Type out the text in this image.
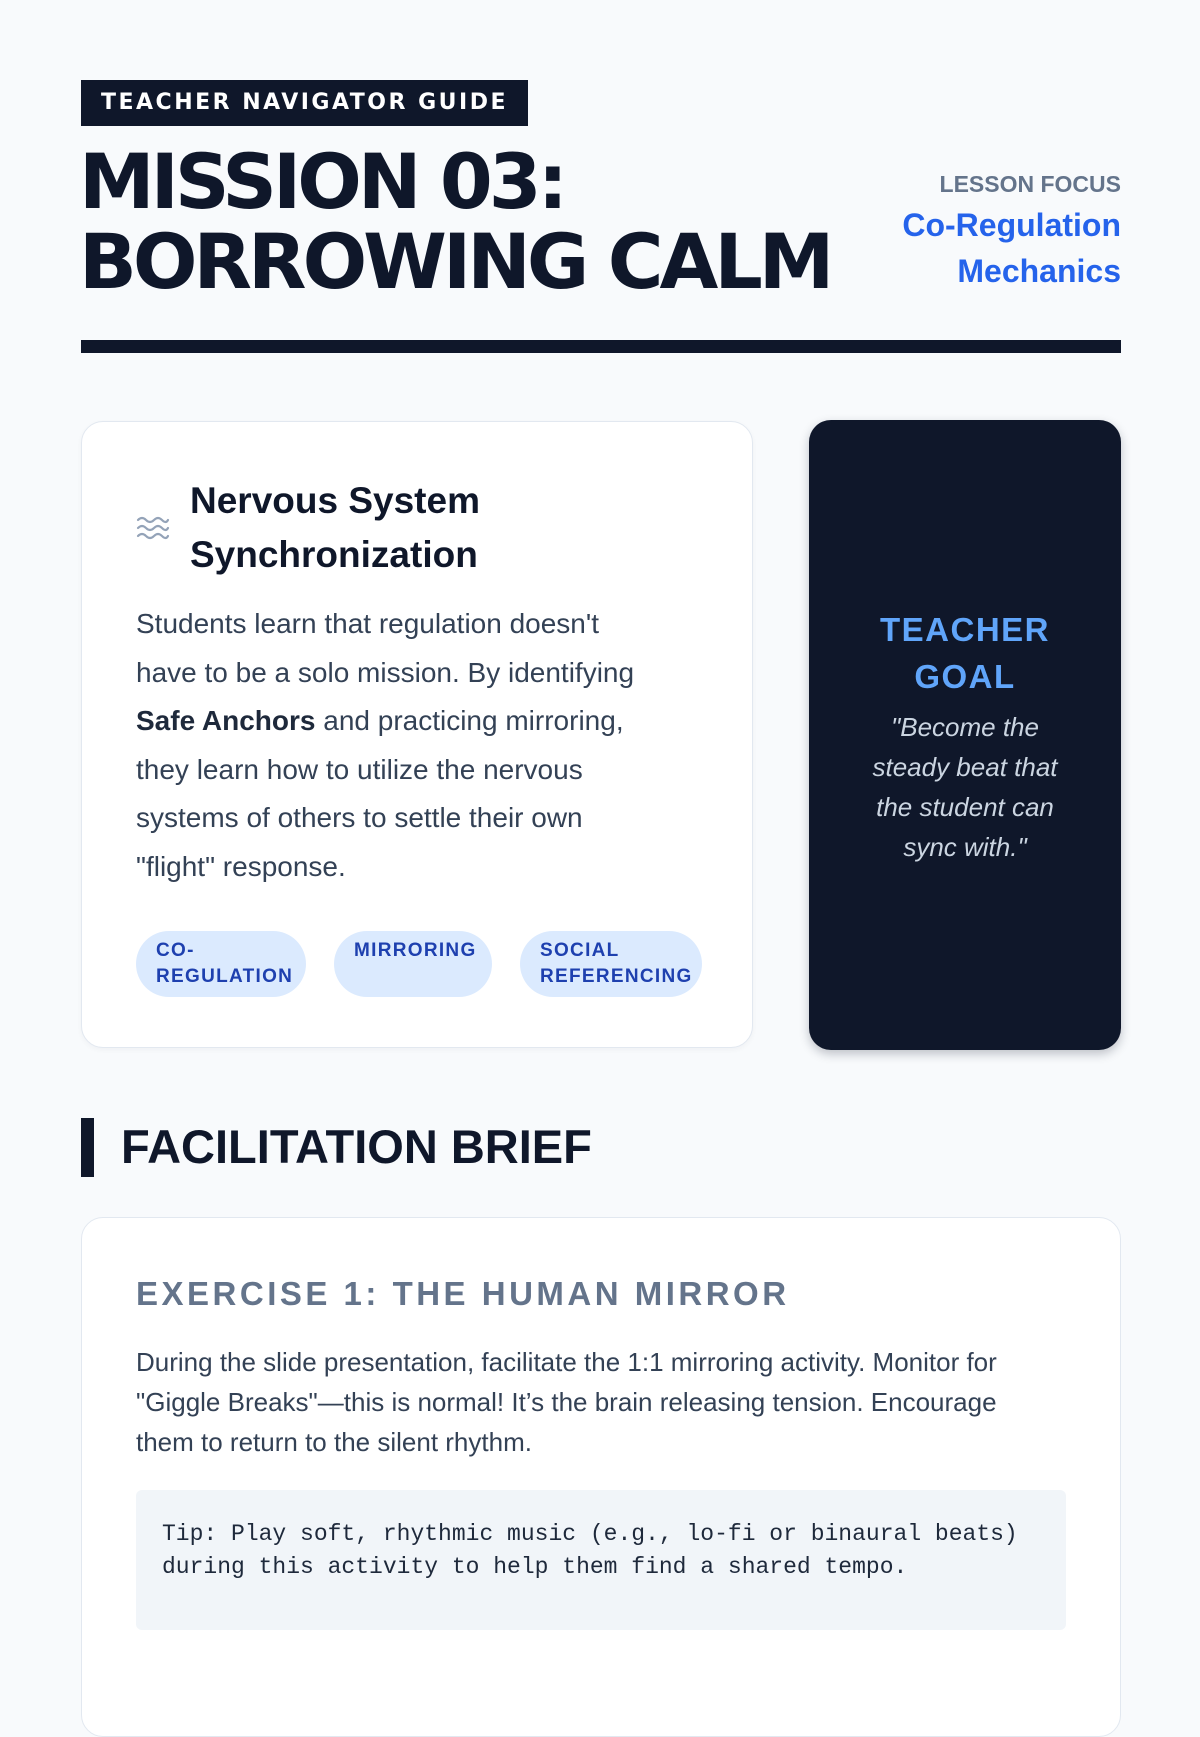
TEACHER NAVIGATOR GUIDE
MISSION 03:
BORROWING CALM
LESSON FOCUS
Co-Regulation
Mechanics
Nervous System
Synchronization
Students learn that regulation doesn't
have to be a solo mission. By identifying
Safe Anchors and practicing mirroring,
they learn how to utilize the nervous
systems of others to settle their own
"flight" response.
CO-
REGULATION
MIRRORING	SOCIAL
REFERENCING
TEACHER
GOAL
"Become the
steady beat that
the student can
sync with."
FACILITATION BRIEF
EXERCISE 1: THE HUMAN MIRROR
During the slide presentation, facilitate the 1:1 mirroring activity. Monitor for
"Giggle Breaks"—this is normal! It’s the brain releasing tension. Encourage
them to return to the silent rhythm.
Tip: Play soft, rhythmic music (e.g., lo-fi or binaural beats)
during this activity to help them find a shared tempo.
